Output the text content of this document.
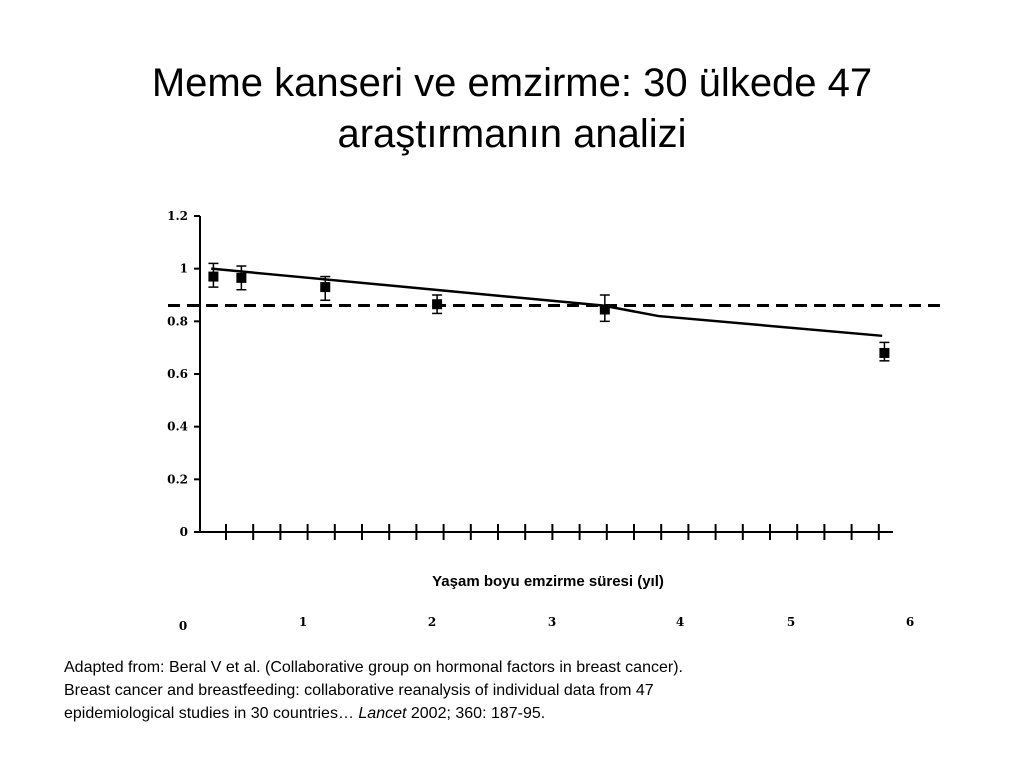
Meme kanseri ve emzirme: 30 ülkede 47
araştırmanın analizi
0
0.2
0.4
0.6
0.8
1
1.2
Yaşam boyu emzirme süresi (yıl)
0	1	2	3	4	5	6

Adapted from: Beral V et al. (Collaborative group on hormonal factors in breast cancer).
Breast cancer and breastfeeding: collaborative reanalysis of individual data from 47
epidemiological studies in 30 countries… Lancet 2002; 360: 187-95.
